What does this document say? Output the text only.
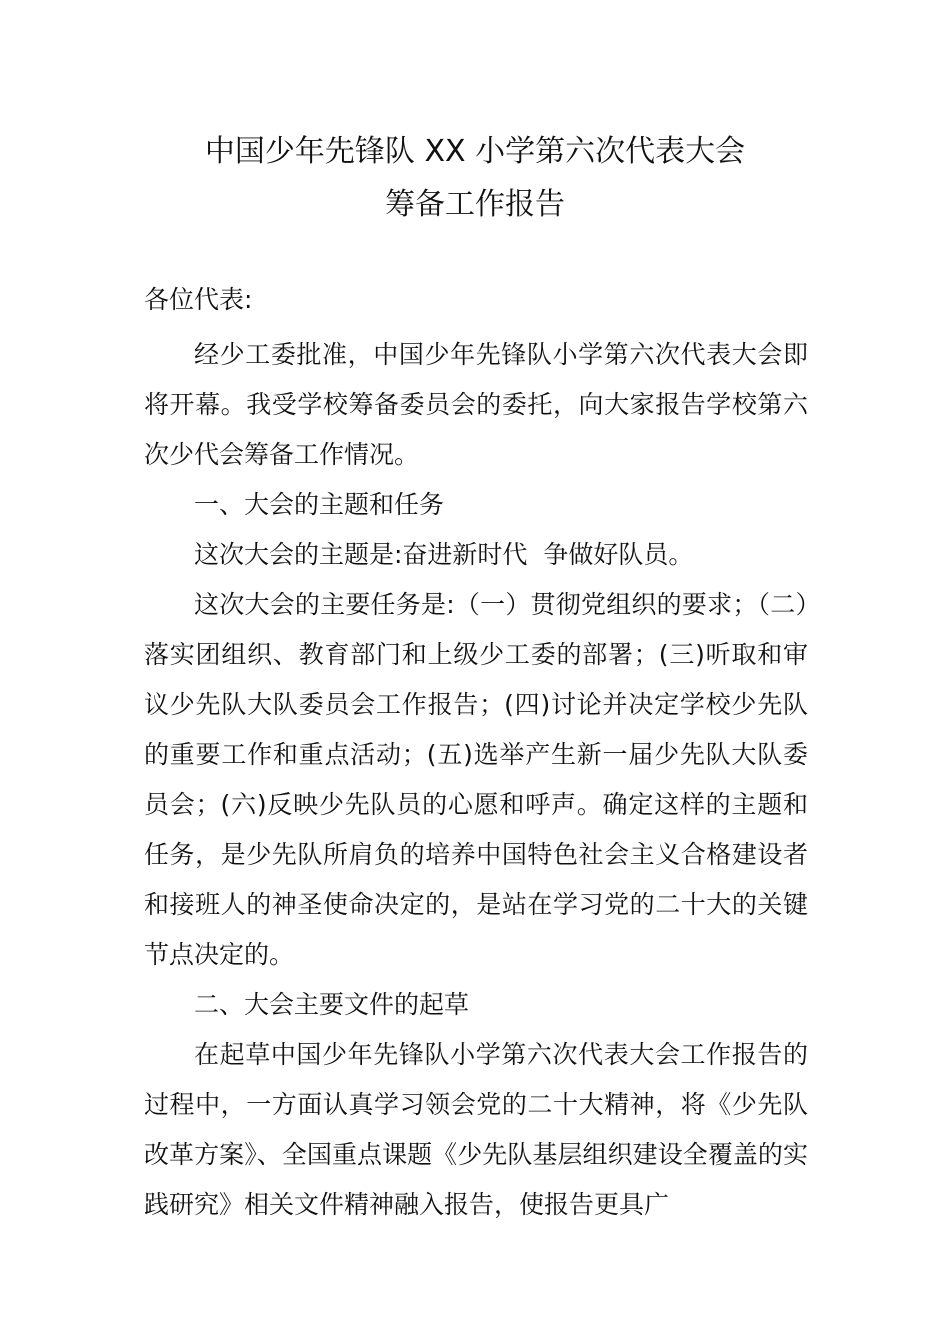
中国少年先锋队 XX 小学第六次代表大会
筹备工作报告
各位代表:

经少工委批准，中国少年先锋队小学第六次代表大会即将开幕。我受学校筹备委员会的委托，向大家报告学校第六次少代会筹备工作情况。

一、大会的主题和任务

这次大会的主题是:奋进新时代  争做好队员。

这次大会的主要任务是:（一）贯彻党组织的要求；（二）落实团组织、教育部门和上级少工委的部署；(三)听取和审议少先队大队委员会工作报告；(四)讨论并决定学校少先队的重要工作和重点活动；(五)选举产生新一届少先队大队委员会；(六)反映少先队员的心愿和呼声。确定这样的主题和任务，是少先队所肩负的培养中国特色社会主义合格建设者和接班人的神圣使命决定的，是站在学习党的二十大的关键节点决定的。

二、大会主要文件的起草

在起草中国少年先锋队小学第六次代表大会工作报告的过程中，一方面认真学习领会党的二十大精神，将《少先队改革方案》、全国重点课题《少先队基层组织建设全覆盖的实践研究》相关文件精神融入报告，使报告更具广
